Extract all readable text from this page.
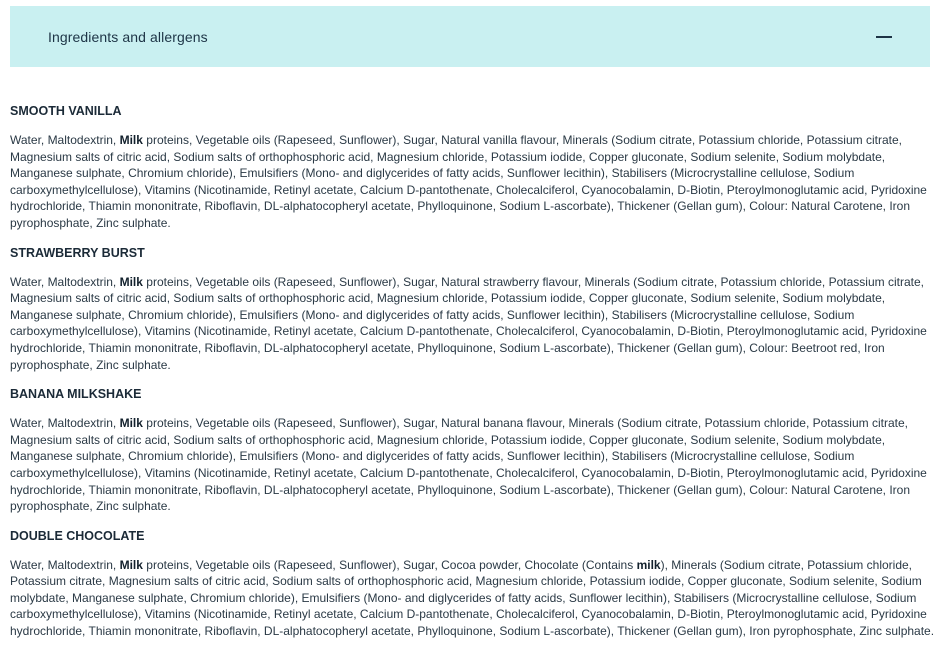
Ingredients and allergens
SMOOTH VANILLA

Water, Maltodextrin, Milk proteins, Vegetable oils (Rapeseed, Sunflower), Sugar, Natural vanilla flavour, Minerals (Sodium citrate, Potassium chloride, Potassium citrate, Magnesium salts of citric acid, Sodium salts of orthophosphoric acid, Magnesium chloride, Potassium iodide, Copper gluconate, Sodium selenite, Sodium molybdate, Manganese sulphate, Chromium chloride), Emulsifiers (Mono- and diglycerides of fatty acids, Sunflower lecithin), Stabilisers (Microcrystalline cellulose, Sodium carboxymethylcellulose), Vitamins (Nicotinamide, Retinyl acetate, Calcium D-pantothenate, Cholecalciferol, Cyanocobalamin, D-Biotin, Pteroylmonoglutamic acid, Pyridoxine hydrochloride, Thiamin mononitrate, Riboflavin, DL-alphatocopheryl acetate, Phylloquinone, Sodium L-ascorbate), Thickener (Gellan gum), Colour: Natural Carotene, Iron pyrophosphate, Zinc sulphate.

STRAWBERRY BURST

Water, Maltodextrin, Milk proteins, Vegetable oils (Rapeseed, Sunflower), Sugar, Natural strawberry flavour, Minerals (Sodium citrate, Potassium chloride, Potassium citrate, Magnesium salts of citric acid, Sodium salts of orthophosphoric acid, Magnesium chloride, Potassium iodide, Copper gluconate, Sodium selenite, Sodium molybdate, Manganese sulphate, Chromium chloride), Emulsifiers (Mono- and diglycerides of fatty acids, Sunflower lecithin), Stabilisers (Microcrystalline cellulose, Sodium carboxymethylcellulose), Vitamins (Nicotinamide, Retinyl acetate, Calcium D-pantothenate, Cholecalciferol, Cyanocobalamin, D-Biotin, Pteroylmonoglutamic acid, Pyridoxine hydrochloride, Thiamin mononitrate, Riboflavin, DL-alphatocopheryl acetate, Phylloquinone, Sodium L-ascorbate), Thickener (Gellan gum), Colour: Beetroot red, Iron pyrophosphate, Zinc sulphate.

BANANA MILKSHAKE

Water, Maltodextrin, Milk proteins, Vegetable oils (Rapeseed, Sunflower), Sugar, Natural banana flavour, Minerals (Sodium citrate, Potassium chloride, Potassium citrate, Magnesium salts of citric acid, Sodium salts of orthophosphoric acid, Magnesium chloride, Potassium iodide, Copper gluconate, Sodium selenite, Sodium molybdate, Manganese sulphate, Chromium chloride), Emulsifiers (Mono- and diglycerides of fatty acids, Sunflower lecithin), Stabilisers (Microcrystalline cellulose, Sodium carboxymethylcellulose), Vitamins (Nicotinamide, Retinyl acetate, Calcium D-pantothenate, Cholecalciferol, Cyanocobalamin, D-Biotin, Pteroylmonoglutamic acid, Pyridoxine hydrochloride, Thiamin mononitrate, Riboflavin, DL-alphatocopheryl acetate, Phylloquinone, Sodium L-ascorbate), Thickener (Gellan gum), Colour: Natural Carotene, Iron pyrophosphate, Zinc sulphate.

DOUBLE CHOCOLATE

Water, Maltodextrin, Milk proteins, Vegetable oils (Rapeseed, Sunflower), Sugar, Cocoa powder, Chocolate (Contains milk), Minerals (Sodium citrate, Potassium chloride, Potassium citrate, Magnesium salts of citric acid, Sodium salts of orthophosphoric acid, Magnesium chloride, Potassium iodide, Copper gluconate, Sodium selenite, Sodium molybdate, Manganese sulphate, Chromium chloride), Emulsifiers (Mono- and diglycerides of fatty acids, Sunflower lecithin), Stabilisers (Microcrystalline cellulose, Sodium carboxymethylcellulose), Vitamins (Nicotinamide, Retinyl acetate, Calcium D-pantothenate, Cholecalciferol, Cyanocobalamin, D-Biotin, Pteroylmonoglutamic acid, Pyridoxine hydrochloride, Thiamin mononitrate, Riboflavin, DL-alphatocopheryl acetate, Phylloquinone, Sodium L-ascorbate), Thickener (Gellan gum), Iron pyrophosphate, Zinc sulphate.
